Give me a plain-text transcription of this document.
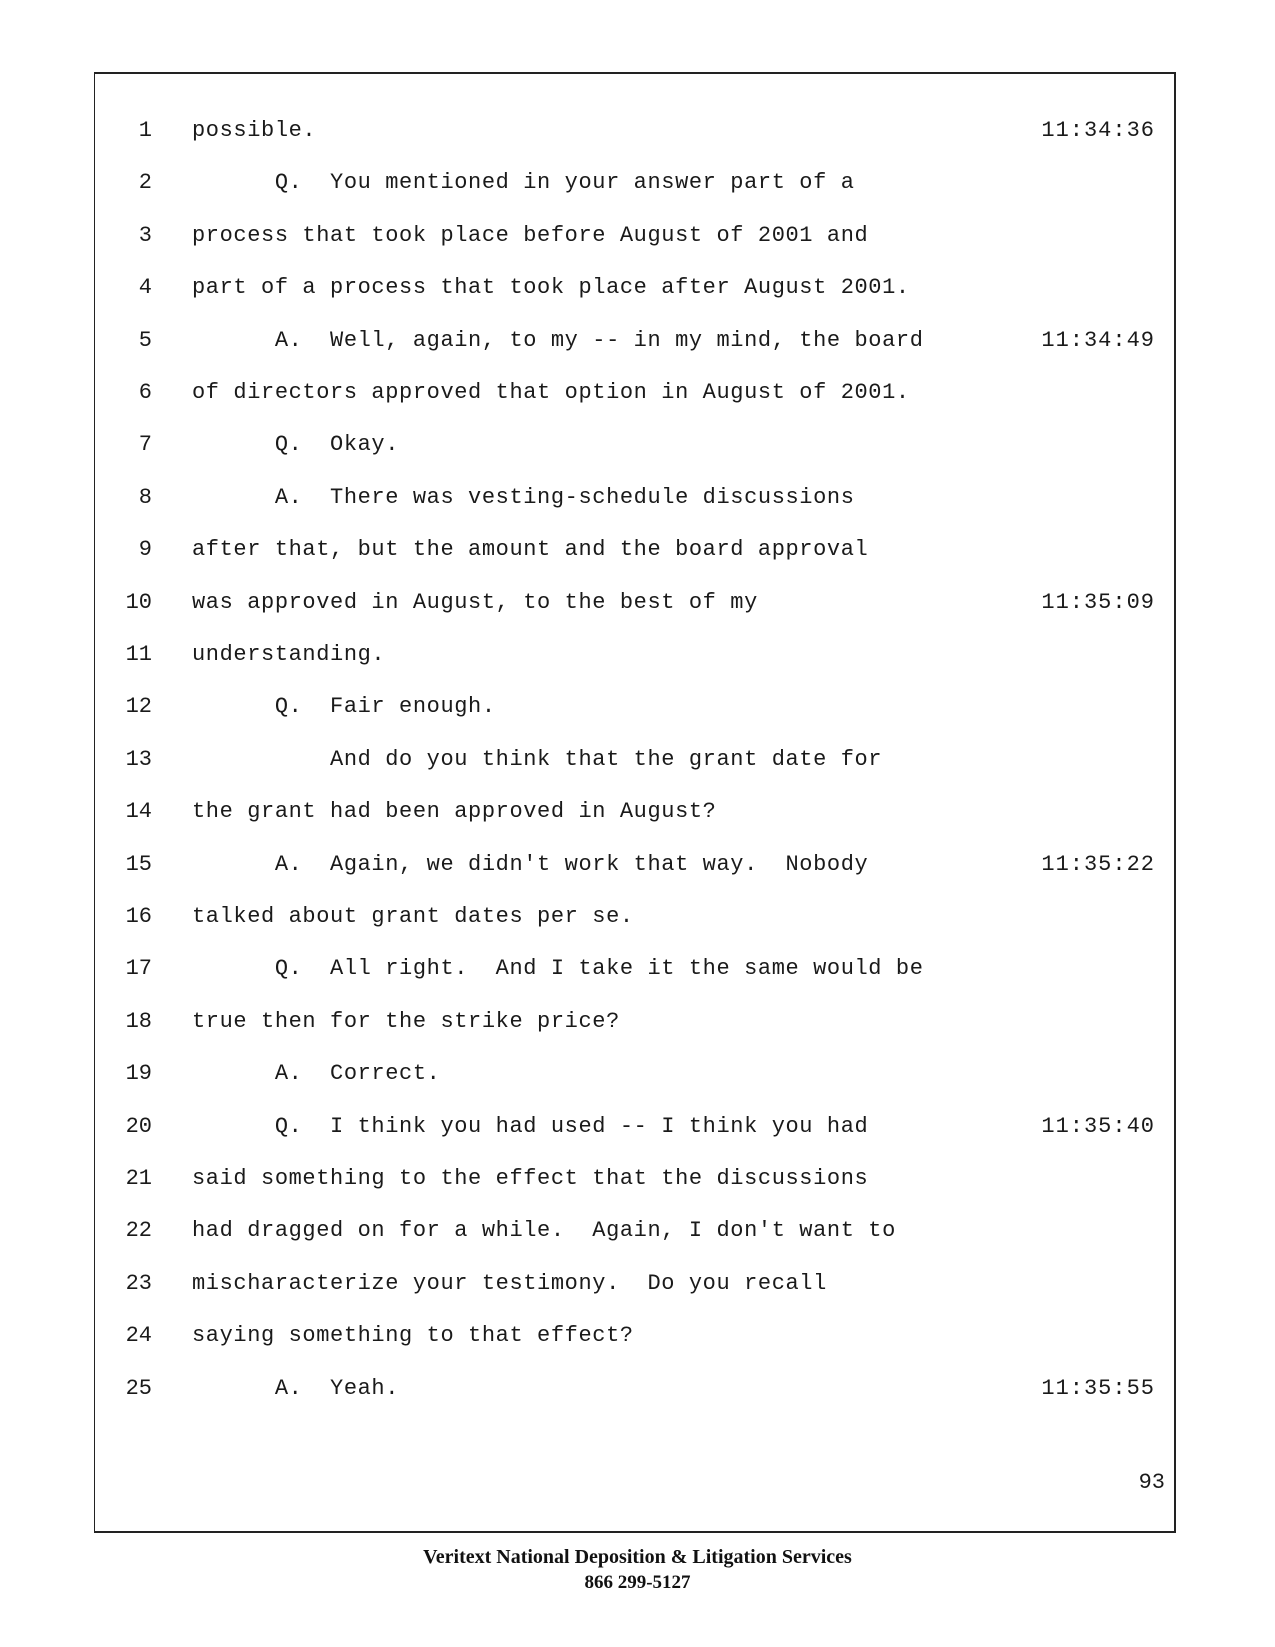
1 possible.	11:34:36
2 Q.  You mentioned in your answer part of a
3 process that took place before August of 2001 and
4 part of a process that took place after August 2001.
5 A.  Well, again, to my -- in my mind, the board	11:34:49
6 of directors approved that option in August of 2001.
7 Q.  Okay.
8 A.  There was vesting-schedule discussions
9 after that, but the amount and the board approval
10 was approved in August, to the best of my	11:35:09
11 understanding.
12 Q.  Fair enough.
13 And do you think that the grant date for
14 the grant had been approved in August?
15 A.  Again, we didn't work that way.  Nobody	11:35:22
16 talked about grant dates per se.
17 Q.  All right.  And I take it the same would be
18 true then for the strike price?
19 A.  Correct.
20 Q.  I think you had used -- I think you had	11:35:40
21 said something to the effect that the discussions
22 had dragged on for a while.  Again, I don't want to
23 mischaracterize your testimony.  Do you recall
24 saying something to that effect?
25 A.  Yeah.	11:35:55
93
Veritext National Deposition & Litigation Services
866 299-5127
